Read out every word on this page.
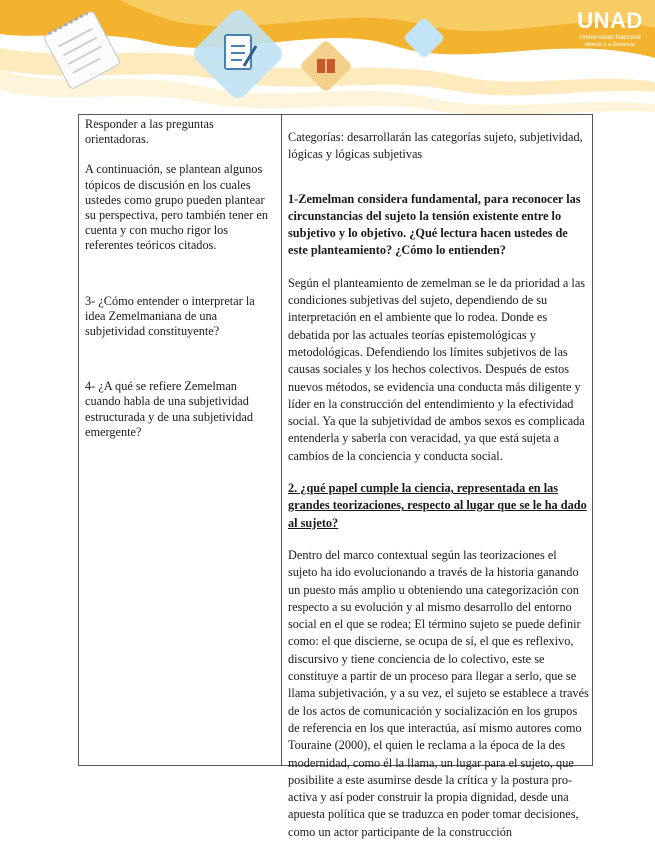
UNAD
Universidad Nacional
Abierta y a Distancia

Responder a las preguntas orientadoras.

A continuación, se plantean algunos tópicos de discusión en los cuales ustedes como grupo pueden plantear su perspectiva, pero también tener en cuenta y con mucho rigor los referentes teóricos citados.

3- ¿Cómo entender o interpretar la idea Zemelmaniana de una subjetividad constituyente?

4- ¿A qué se refiere Zemelman cuando habla de una subjetividad estructurada y de una subjetividad emergente?

Categorías: desarrollarán las categorías sujeto, subjetividad, lógicas y lógicas subjetivas

1-Zemelman considera fundamental, para reconocer las circunstancias del sujeto la tensión existente entre lo subjetivo y lo objetivo. ¿Qué lectura hacen ustedes de este planteamiento? ¿Cómo lo entienden?

Según el planteamiento de zemelman se le da prioridad a las condiciones subjetivas del sujeto, dependiendo de su interpretación en el ambiente que lo rodea. Donde es debatida por las actuales teorías epistemológicas y metodológicas. Defendiendo los límites subjetivos de las causas sociales y los hechos colectivos. Después de estos nuevos métodos, se evidencia una conducta más diligente y líder en la construcción del entendimiento y la efectividad social. Ya que la subjetividad de ambos sexos es complicada entenderla y saberla con veracidad, ya que está sujeta a cambios de la conciencia y conducta social.

2. ¿qué papel cumple la ciencia, representada en las grandes teorizaciones, respecto al lugar que se le ha dado al sujeto?

Dentro del marco contextual según las teorizaciones el sujeto ha ido evolucionando a través de la historia ganando un puesto más amplio u obteniendo una categorización con respecto a su evolución y al mismo desarrollo del entorno social en el que se rodea; El término sujeto se puede definir como: el que discierne, se ocupa de sí, el que es reflexivo, discursivo y tiene conciencia de lo colectivo, este se constituye a partir de un proceso para llegar a serlo, que se llama subjetivación, y a su vez, el sujeto se establece a través de los actos de comunicación y socialización en los grupos de referencia en los que interactúa, así mismo autores como Touraine (2000), el quien le reclama a la época de la des modernidad, como él la llama, un lugar para el sujeto, que posibilite a este asumirse desde la crítica y la postura pro-activa y así poder construir la propia dignidad, desde una apuesta política que se traduzca en poder tomar decisiones, como un actor participante de la construcción
